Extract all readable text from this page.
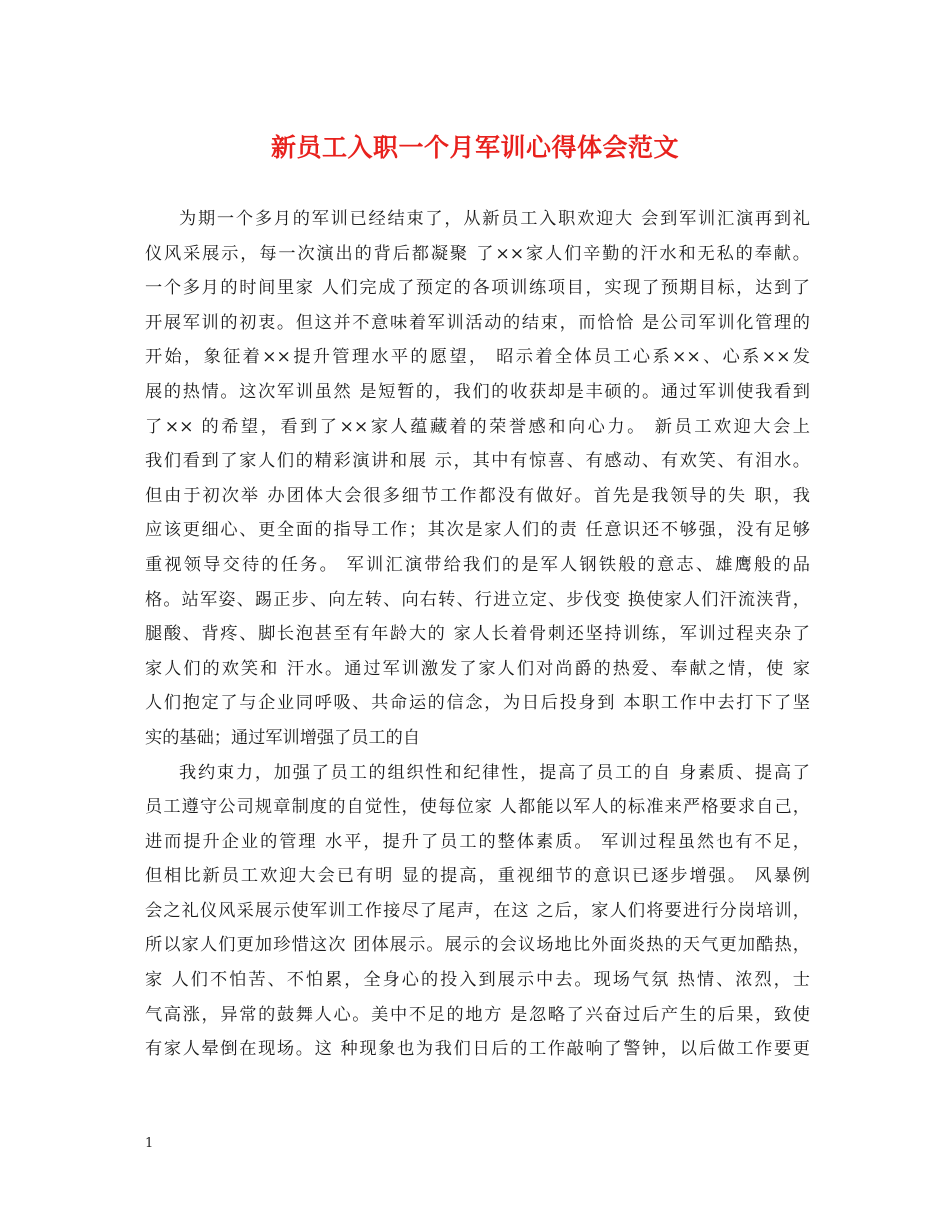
新员工入职一个月军训心得体会范文
为期一个多月的军训已经结束了，从新员工入职欢迎大 会到军训汇演再到礼
仪风采展示，每一次演出的背后都凝聚 了××家人们辛勤的汗水和无私的奉献。
一个多月的时间里家 人们完成了预定的各项训练项目，实现了预期目标，达到了
开展军训的初衷。但这并不意味着军训活动的结束，而恰恰 是公司军训化管理的
开始，象征着××提升管理水平的愿望， 昭示着全体员工心系××、心系××发
展的热情。这次军训虽然 是短暂的，我们的收获却是丰硕的。通过军训使我看到
了×× 的希望，看到了××家人蕴藏着的荣誉感和向心力。 新员工欢迎大会上
我们看到了家人们的精彩演讲和展 示，其中有惊喜、有感动、有欢笑、有泪水。
但由于初次举 办团体大会很多细节工作都没有做好。首先是我领导的失 职，我
应该更细心、更全面的指导工作；其次是家人们的责 任意识还不够强，没有足够
重视领导交待的任务。 军训汇演带给我们的是军人钢铁般的意志、雄鹰般的品
格。站军姿、踢正步、向左转、向右转、行进立定、步伐变 换使家人们汗流浃背，
腿酸、背疼、脚长泡甚至有年龄大的 家人长着骨刺还坚持训练，军训过程夹杂了
家人们的欢笑和 汗水。通过军训激发了家人们对尚爵的热爱、奉献之情，使 家
人们抱定了与企业同呼吸、共命运的信念，为日后投身到 本职工作中去打下了坚
实的基础；通过军训增强了员工的自
我约束力，加强了员工的组织性和纪律性，提高了员工的自 身素质、提高了
员工遵守公司规章制度的自觉性，使每位家 人都能以军人的标准来严格要求自己，
进而提升企业的管理 水平，提升了员工的整体素质。 军训过程虽然也有不足，
但相比新员工欢迎大会已有明 显的提高，重视细节的意识已逐步增强。 风暴例
会之礼仪风采展示使军训工作接尽了尾声，在这 之后，家人们将要进行分岗培训，
所以家人们更加珍惜这次 团体展示。展示的会议场地比外面炎热的天气更加酷热，
家 人们不怕苦、不怕累，全身心的投入到展示中去。现场气氛 热情、浓烈，士
气高涨，异常的鼓舞人心。美中不足的地方 是忽略了兴奋过后产生的后果，致使
有家人晕倒在现场。这 种现象也为我们日后的工作敲响了警钟，以后做工作要更
1
